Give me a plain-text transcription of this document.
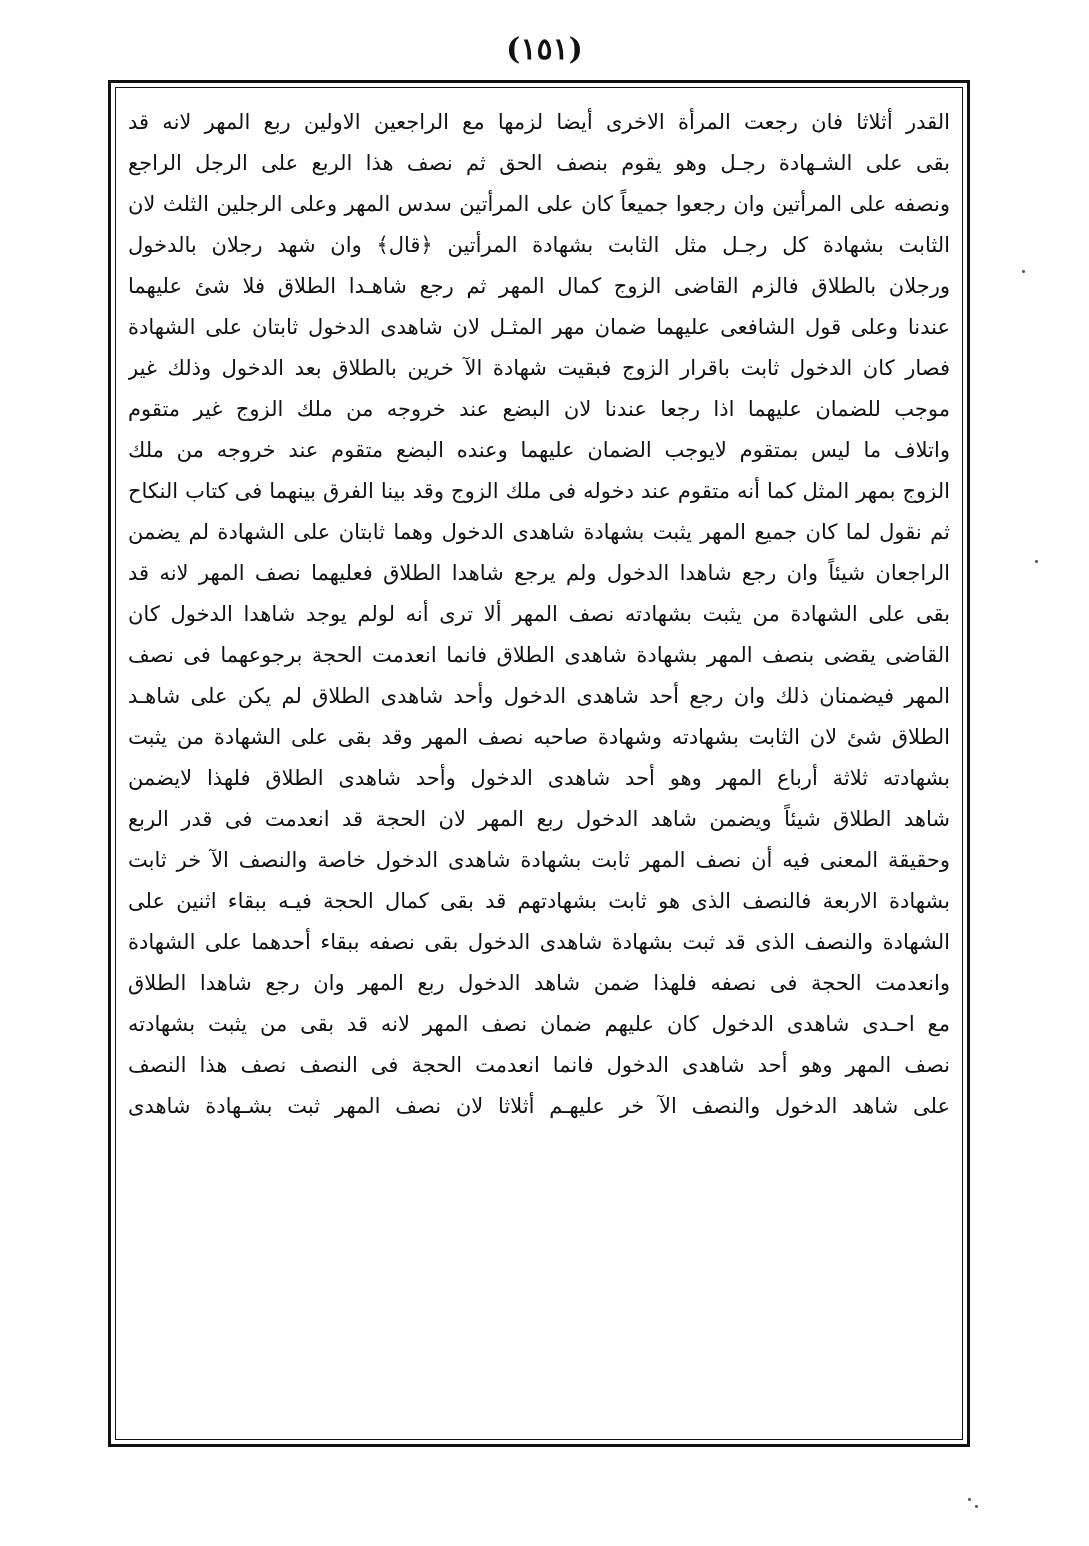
(١٥١)
القدر أثلاثا فان رجعت المرأة الاخرى أيضا لزمها مع الراجعين الاولين ربع المهر لانه قد
بقى على الشـهادة رجـل وهو يقوم بنصف الحق ثم نصف هذا الربع على الرجل الراجع
ونصفه على المرأتين وان رجعوا جميعاً كان على المرأتين سدس المهر وعلى الرجلين الثلث لان
الثابت بشهادة كل رجـل مثل الثابت بشهادة المرأتين ﴿قال﴾ وان شهد رجلان بالدخول
ورجلان بالطلاق فالزم القاضى الزوج كمال المهر ثم رجع شاهـدا الطلاق فلا شئ عليهما
عندنا وعلى قول الشافعى عليهما ضمان مهر المثـل لان شاهدى الدخول ثابتان على الشهادة
فصار كان الدخول ثابت باقرار الزوج فبقيت شهادة الآ خرين بالطلاق بعد الدخول وذلك غير
موجب للضمان عليهما اذا رجعا عندنا لان البضع عند خروجه من ملك الزوج غير متقوم
واتلاف ما ليس بمتقوم لايوجب الضمان عليهما وعنده البضع متقوم عند خروجه من ملك
الزوج بمهر المثل كما أنه متقوم عند دخوله فى ملك الزوج وقد بينا الفرق بينهما فى كتاب النكاح
ثم نقول لما كان جميع المهر يثبت بشهادة شاهدى الدخول وهما ثابتان على الشهادة لم يضمن
الراجعان شيئاً وان رجع شاهدا الدخول ولم يرجع شاهدا الطلاق فعليهما نصف المهر لانه قد
بقى على الشهادة من يثبت بشهادته نصف المهر ألا ترى أنه لولم يوجد شاهدا الدخول كان
القاضى يقضى بنصف المهر بشهادة شاهدى الطلاق فانما انعدمت الحجة برجوعهما فى نصف
المهر فيضمنان ذلك وان رجع أحد شاهدى الدخول وأحد شاهدى الطلاق لم يكن على شاهـد
الطلاق شئ لان الثابت بشهادته وشهادة صاحبه نصف المهر وقد بقى على الشهادة من يثبت
بشهادته ثلاثة أرباع المهر وهو أحد شاهدى الدخول وأحد شاهدى الطلاق فلهذا لايضمن
شاهد الطلاق شيئاً ويضمن شاهد الدخول ربع المهر لان الحجة قد انعدمت فى قدر الربع
وحقيقة المعنى فيه أن نصف المهر ثابت بشهادة شاهدى الدخول خاصة والنصف الآ خر ثابت
بشهادة الاربعة فالنصف الذى هو ثابت بشهادتهم قد بقى كمال الحجة فيـه ببقاء اثنين على
الشهادة والنصف الذى قد ثبت بشهادة شاهدى الدخول بقى نصفه ببقاء أحدهما على الشهادة
وانعدمت الحجة فى نصفه فلهذا ضمن شاهد الدخول ربع المهر وان رجع شاهدا الطلاق
مع احـدى شاهدى الدخول كان عليهم ضمان نصف المهر لانه قد بقى من يثبت بشهادته
نصف المهر وهو أحد شاهدى الدخول فانما انعدمت الحجة فى النصف نصف هذا النصف
على شاهد الدخول والنصف الآ خر عليهـم أثلاثا لان نصف المهر ثبت بشـهادة شاهدى
